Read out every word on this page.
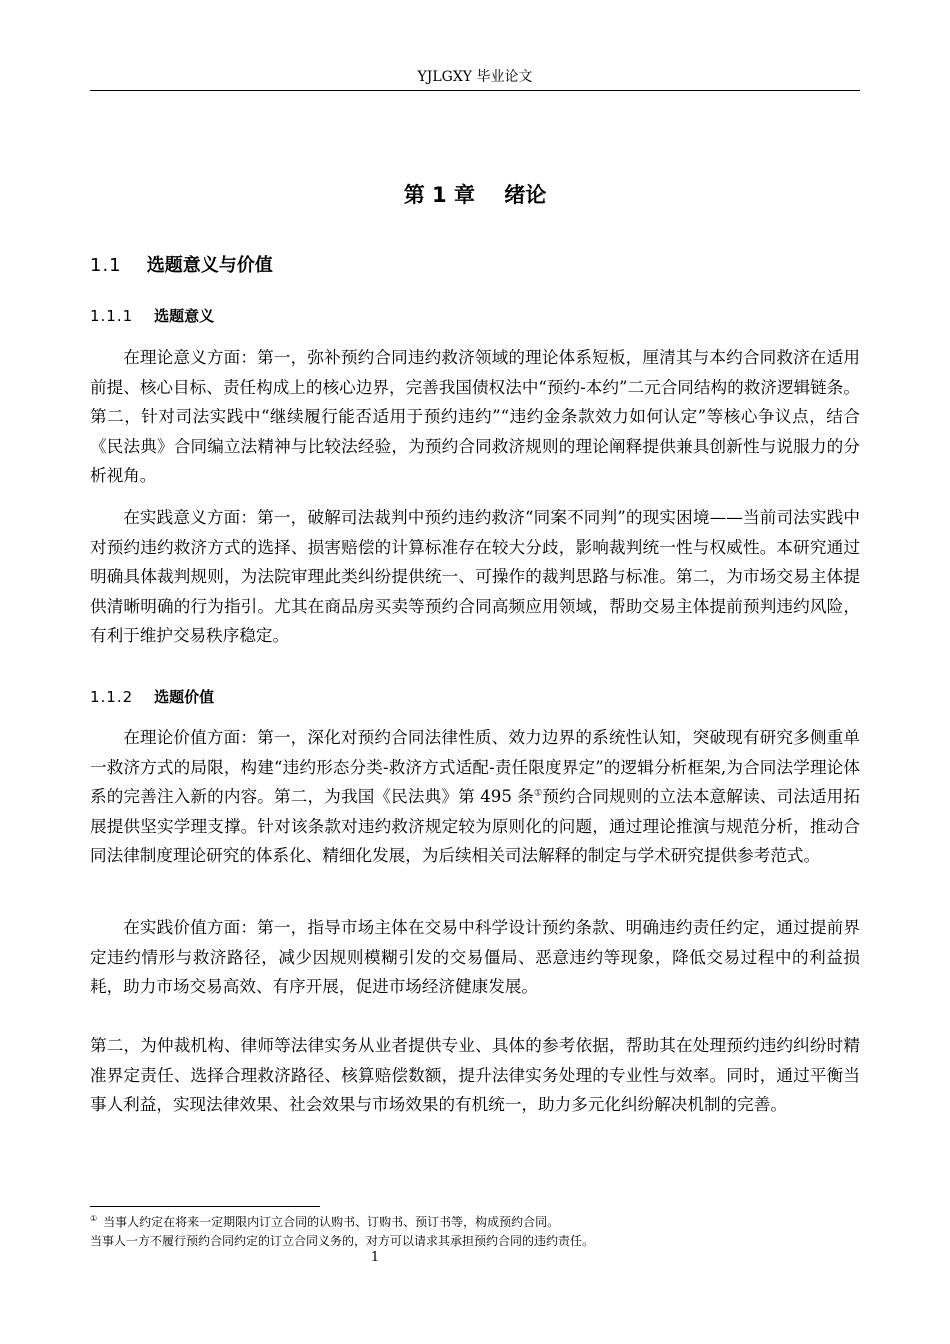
YJLGXY 毕业论文
第 1 章 绪论
1.1 选题意义与价值
1.1.1 选题意义

在理论意义方面：第一，弥补预约合同违约救济领域的理论体系短板，厘清其与本约合同救济在适用前提、核心目标、责任构成上的核心边界，完善我国债权法中“预约-本约”二元合同结构的救济逻辑链条。第二，针对司法实践中“继续履行能否适用于预约违约”“违约金条款效力如何认定”等核心争议点，结合《民法典》合同编立法精神与比较法经验，为预约合同救济规则的理论阐释提供兼具创新性与说服力的分析视角。

在实践意义方面：第一，破解司法裁判中预约违约救济“同案不同判”的现实困境——当前司法实践中对预约违约救济方式的选择、损害赔偿的计算标准存在较大分歧，影响裁判统一性与权威性。本研究通过明确具体裁判规则，为法院审理此类纠纷提供统一、可操作的裁判思路与标准。第二，为市场交易主体提供清晰明确的行为指引。尤其在商品房买卖等预约合同高频应用领域，帮助交易主体提前预判违约风险，有利于维护交易秩序稳定。

1.1.2 选题价值

在理论价值方面：第一，深化对预约合同法律性质、效力边界的系统性认知，突破现有研究多侧重单一救济方式的局限，构建“违约形态分类-救济方式适配-责任限度界定”的逻辑分析框架,为合同法学理论体系的完善注入新的内容。第二，为我国《民法典》第 495 条①预约合同规则的立法本意解读、司法适用拓展提供坚实学理支撑。针对该条款对违约救济规定较为原则化的问题，通过理论推演与规范分析，推动合同法律制度理论研究的体系化、精细化发展，为后续相关司法解释的制定与学术研究提供参考范式。

在实践价值方面：第一，指导市场主体在交易中科学设计预约条款、明确违约责任约定，通过提前界定违约情形与救济路径，减少因规则模糊引发的交易僵局、恶意违约等现象，降低交易过程中的利益损耗，助力市场交易高效、有序开展，促进市场经济健康发展。

第二，为仲裁机构、律师等法律实务从业者提供专业、具体的参考依据，帮助其在处理预约违约纠纷时精准界定责任、选择合理救济路径、核算赔偿数额，提升法律实务处理的专业性与效率。同时，通过平衡当事人利益，实现法律效果、社会效果与市场效果的有机统一，助力多元化纠纷解决机制的完善。

① 当事人约定在将来一定期限内订立合同的认购书、订购书、预订书等，构成预约合同。
当事人一方不履行预约合同约定的订立合同义务的，对方可以请求其承担预约合同的违约责任。
1
